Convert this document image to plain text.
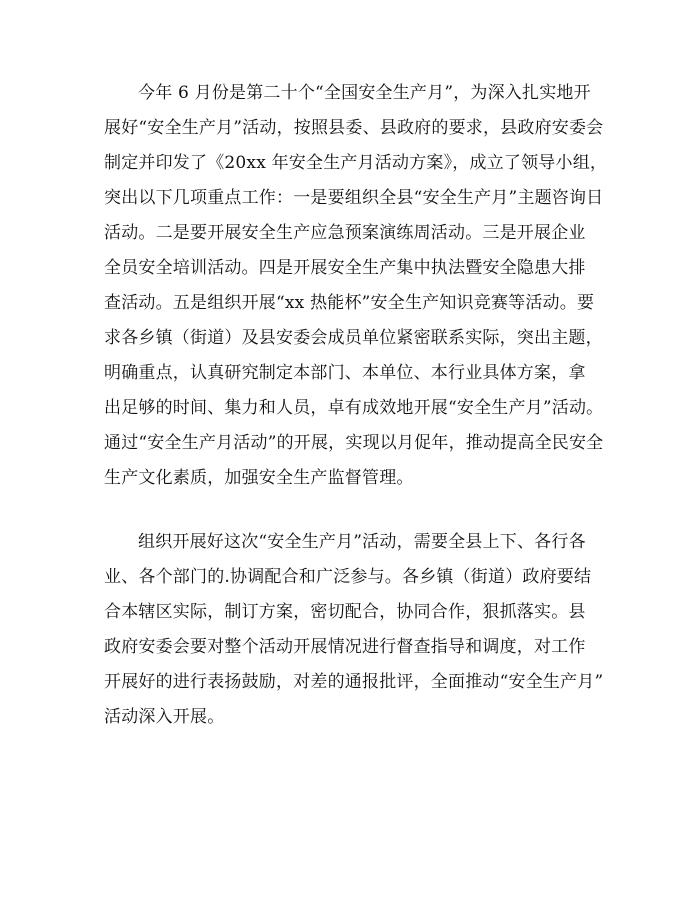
今年 6 月份是第二十个“全国安全生产月”，为深入扎实地开
展好“安全生产月”活动，按照县委、县政府的要求，县政府安委会
制定并印发了《20xx 年安全生产月活动方案》，成立了领导小组，
突出以下几项重点工作：一是要组织全县“安全生产月”主题咨询日
活动。二是要开展安全生产应急预案演练周活动。三是开展企业
全员安全培训活动。四是开展安全生产集中执法暨安全隐患大排
查活动。五是组织开展“xx 热能杯”安全生产知识竞赛等活动。要
求各乡镇（街道）及县安委会成员单位紧密联系实际，突出主题，
明确重点，认真研究制定本部门、本单位、本行业具体方案，拿
出足够的时间、集力和人员，卓有成效地开展“安全生产月”活动。
通过“安全生产月活动”的开展，实现以月促年，推动提高全民安全
生产文化素质，加强安全生产监督管理。
组织开展好这次“安全生产月”活动，需要全县上下、各行各
业、各个部门的.协调配合和广泛参与。各乡镇（街道）政府要结
合本辖区实际，制订方案，密切配合，协同合作，狠抓落实。县
政府安委会要对整个活动开展情况进行督查指导和调度，对工作
开展好的进行表扬鼓励，对差的通报批评，全面推动“安全生产月”
活动深入开展。
